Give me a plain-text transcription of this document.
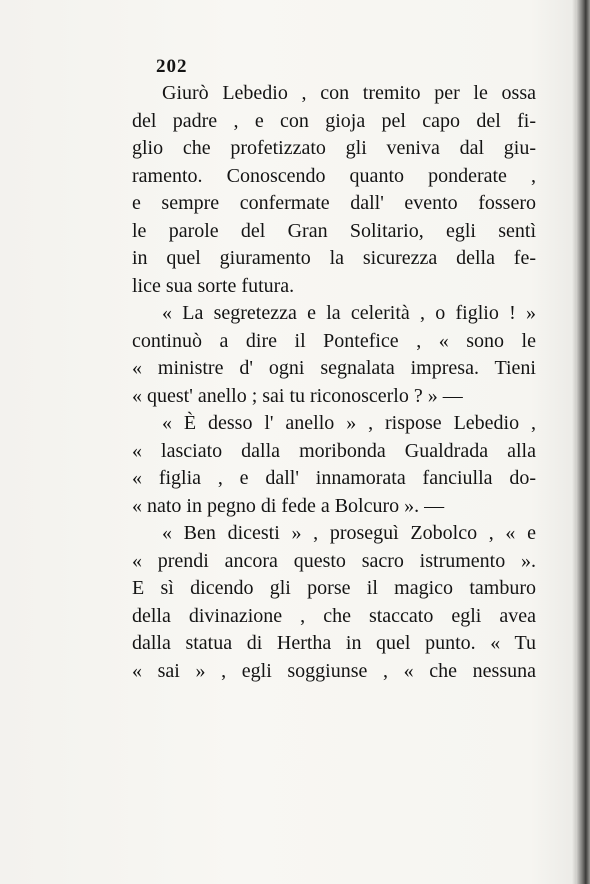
202
Giurò Lebedio , con tremito per le ossa
del padre , e con gioja pel capo del fi-
glio che profetizzato gli veniva dal giu-
ramento. Conoscendo quanto ponderate ,
e sempre confermate dall' evento fossero
le parole del Gran Solitario, egli sentì
in quel giuramento la sicurezza della fe-
lice sua sorte futura.
« La segretezza e la celerità , o figlio ! »
continuò a dire il Pontefice , « sono le
« ministre d' ogni segnalata impresa. Tieni
« quest' anello ; sai tu riconoscerlo ? » —
« È desso l' anello » , rispose Lebedio ,
« lasciato dalla moribonda Gualdrada alla
« figlia , e dall' innamorata fanciulla do-
« nato in pegno di fede a Bolcuro ». —
« Ben dicesti » , proseguì Zobolco , « e
« prendi ancora questo sacro istrumento ».
E sì dicendo gli porse il magico tamburo
della divinazione , che staccato egli avea
dalla statua di Hertha in quel punto. « Tu
« sai » , egli soggiunse , « che nessuna
